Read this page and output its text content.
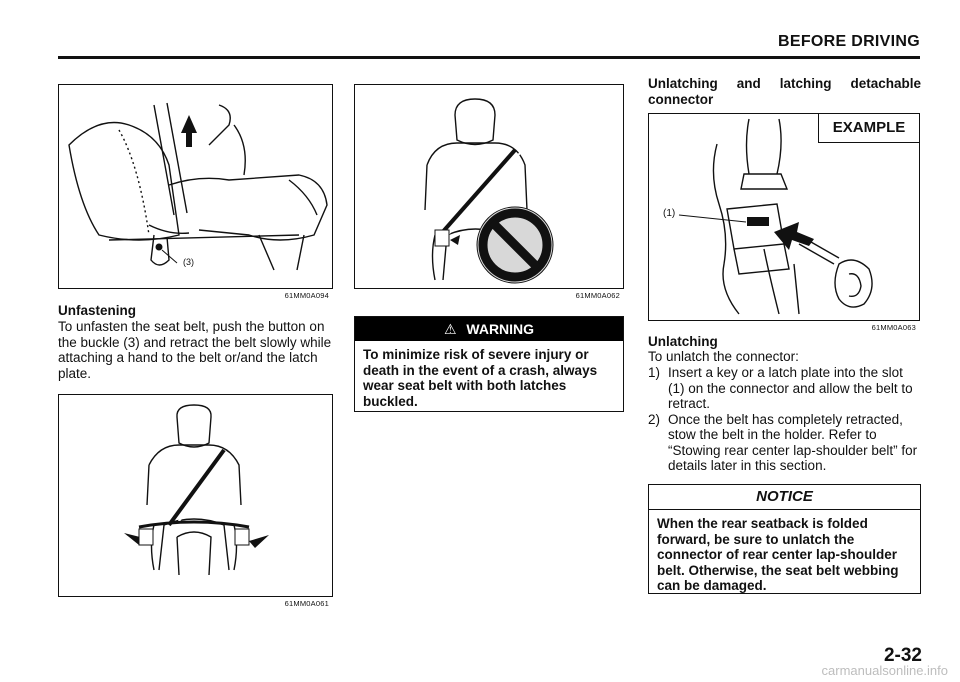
BEFORE DRIVING
(3)
61MM0A094
Unfastening
To unfasten the seat belt, push the button on the buckle (3) and retract the belt slowly while attaching a hand to the belt or/and the latch plate.
61MM0A061
61MM0A062
⚠ WARNING
To minimize risk of severe injury or death in the event of a crash, always wear seat belt with both latches buckled.
Unlatching and latching detachable connector
EXAMPLE
(1)
61MM0A063
Unlatching
To unlatch the connector:
1) Insert a key or a latch plate into the slot (1) on the connector and allow the belt to retract.
2) Once the belt has completely retracted, stow the belt in the holder. Refer to “Stowing rear center lap-shoulder belt” for details later in this section.
NOTICE
When the rear seatback is folded forward, be sure to unlatch the connector of rear center lap-shoulder belt. Otherwise, the seat belt webbing can be damaged.
2-32
carmanualsonline.info
